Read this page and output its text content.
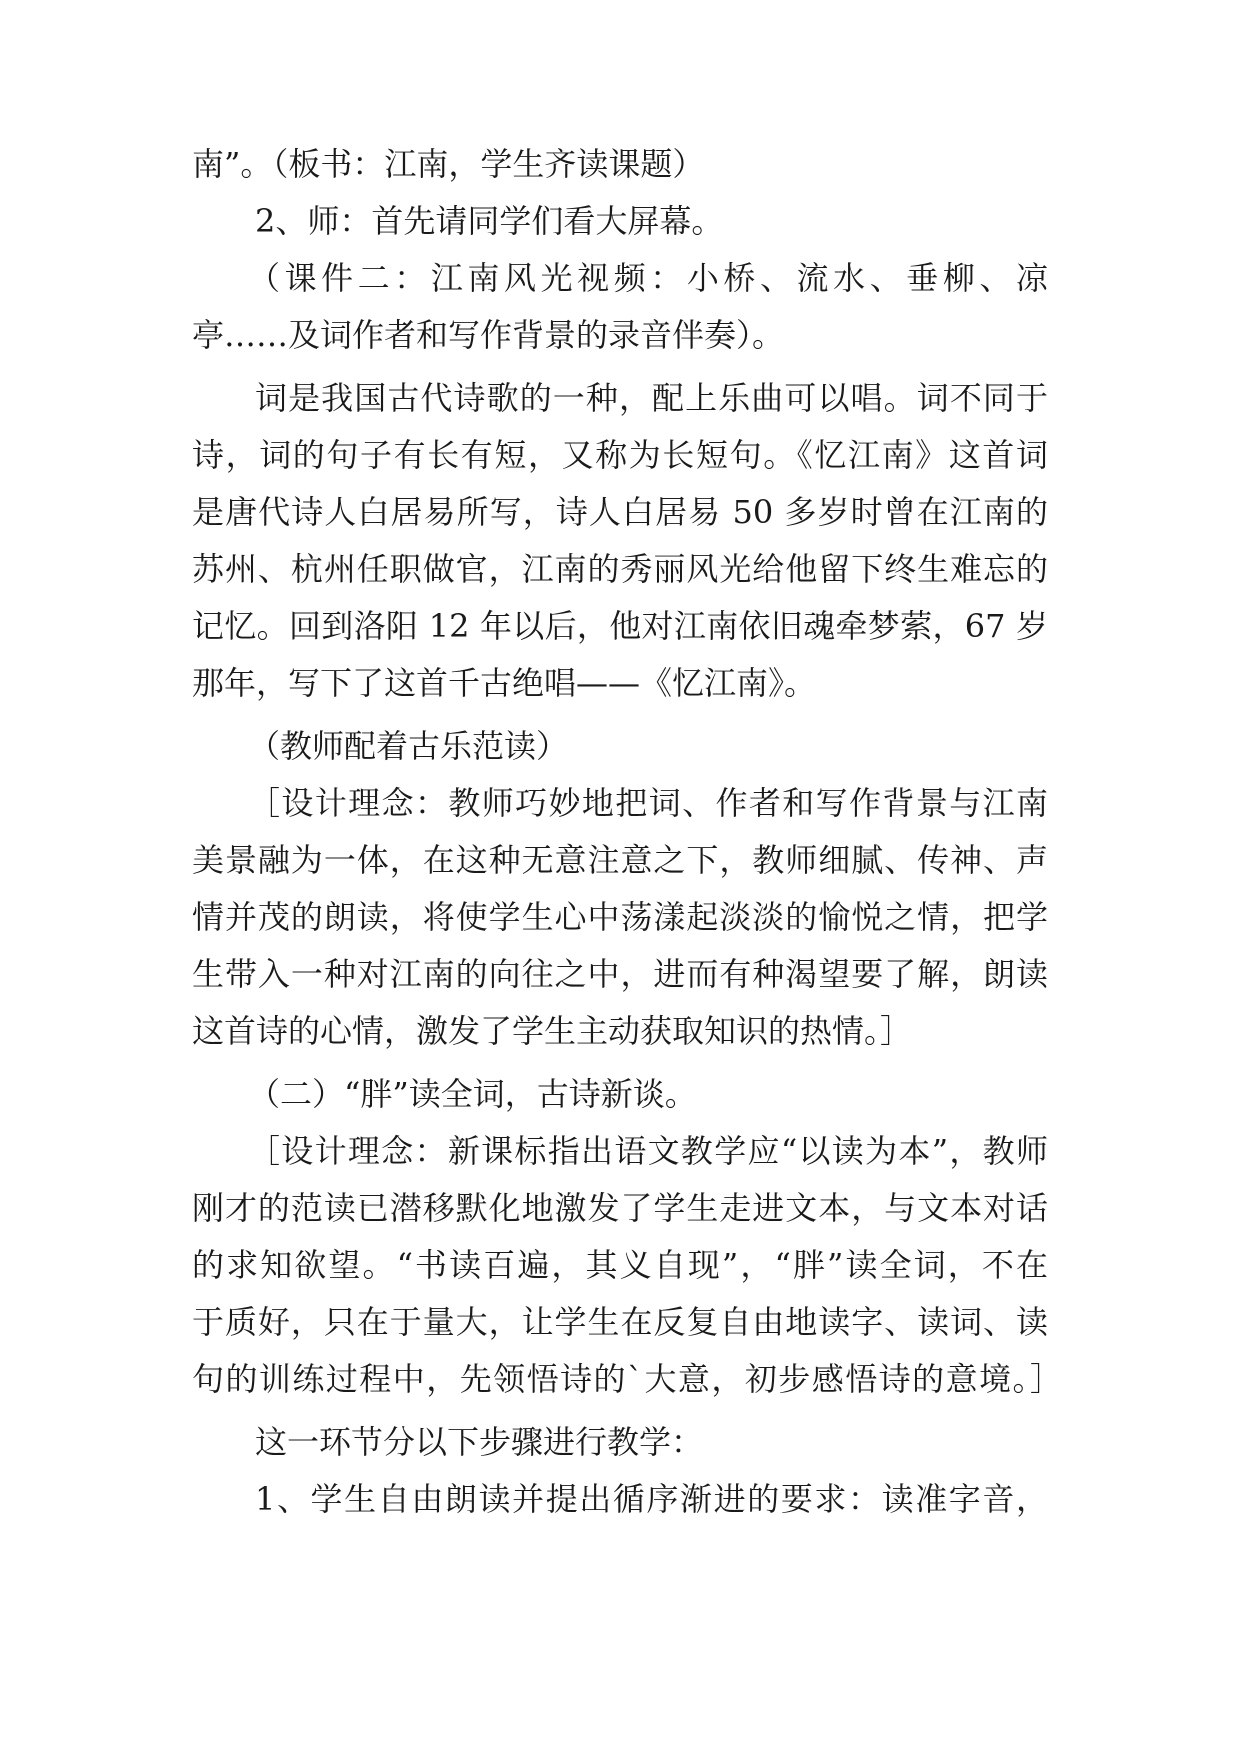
南”。（板书：江南，学生齐读课题）

2、师：首先请同学们看大屏幕。

（课件二：江南风光视频：小桥、流水、垂柳、凉

亭……及词作者和写作背景的录音伴奏）。

词是我国古代诗歌的一种，配上乐曲可以唱。词不同于

诗，词的句子有长有短，又称为长短句。《忆江南》这首词

是唐代诗人白居易所写，诗人白居易 50 多岁时曾在江南的

苏州、杭州任职做官，江南的秀丽风光给他留下终生难忘的

记忆。回到洛阳 12 年以后，他对江南依旧魂牵梦萦，67 岁

那年，写下了这首千古绝唱——《忆江南》。

（教师配着古乐范读）

［设计理念：教师巧妙地把词、作者和写作背景与江南

美景融为一体，在这种无意注意之下，教师细腻、传神、声

情并茂的朗读，将使学生心中荡漾起淡淡的愉悦之情，把学

生带入一种对江南的向往之中，进而有种渴望要了解，朗读

这首诗的心情，激发了学生主动获取知识的热情。］

（二）“胖”读全词，古诗新谈。

［设计理念：新课标指出语文教学应“以读为本”，教师

刚才的范读已潜移默化地激发了学生走进文本，与文本对话

的求知欲望。“书读百遍，其义自现”，“胖”读全词，不在

于质好，只在于量大，让学生在反复自由地读字、读词、读

句的训练过程中，先领悟诗的`大意，初步感悟诗的意境。］

这一环节分以下步骤进行教学：

1、学生自由朗读并提出循序渐进的要求：读准字音，
